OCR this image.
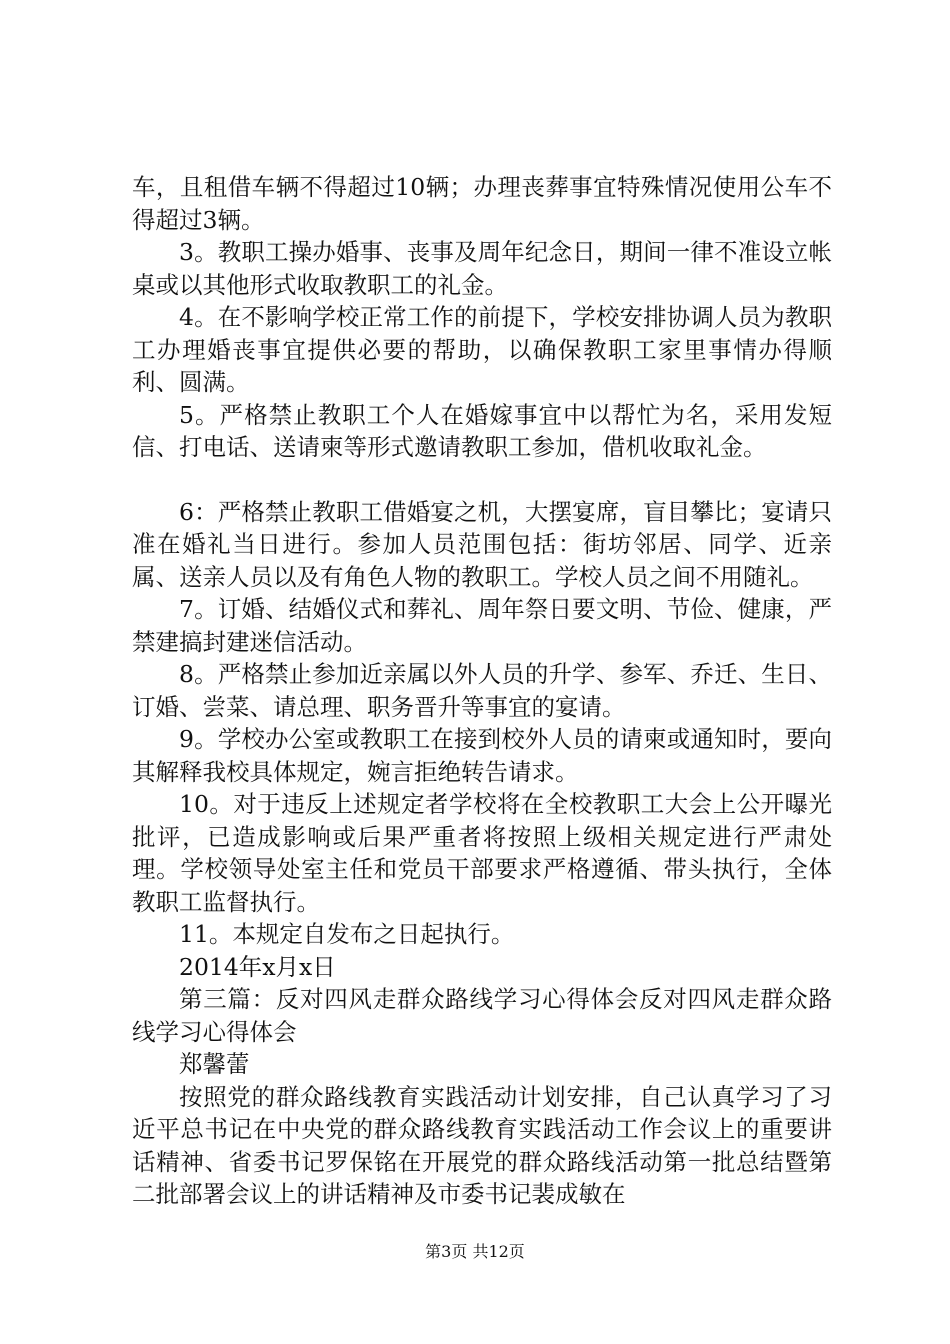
车，且租借车辆不得超过10辆；办理丧葬事宜特殊情况使用公车不得超过3辆。

3。教职工操办婚事、丧事及周年纪念日，期间一律不准设立帐桌或以其他形式收取教职工的礼金。

4。在不影响学校正常工作的前提下，学校安排协调人员为教职工办理婚丧事宜提供必要的帮助，以确保教职工家里事情办得顺利、圆满。

5。严格禁止教职工个人在婚嫁事宜中以帮忙为名，采用发短信、打电话、送请柬等形式邀请教职工参加，借机收取礼金。

6：严格禁止教职工借婚宴之机，大摆宴席，盲目攀比；宴请只准在婚礼当日进行。参加人员范围包括：街坊邻居、同学、近亲属、送亲人员以及有角色人物的教职工。学校人员之间不用随礼。

7。订婚、结婚仪式和葬礼、周年祭日要文明、节俭、健康，严禁建搞封建迷信活动。

8。严格禁止参加近亲属以外人员的升学、参军、乔迁、生日、订婚、尝菜、请总理、职务晋升等事宜的宴请。

9。学校办公室或教职工在接到校外人员的请柬或通知时，要向其解释我校具体规定，婉言拒绝转告请求。

10。对于违反上述规定者学校将在全校教职工大会上公开曝光批评，已造成影响或后果严重者将按照上级相关规定进行严肃处理。学校领导处室主任和党员干部要求严格遵循、带头执行，全体教职工监督执行。

11。本规定自发布之日起执行。

2014年x月x日

第三篇：反对四风走群众路线学习心得体会反对四风走群众路线学习心得体会

郑馨蕾

按照党的群众路线教育实践活动计划安排，自己认真学习了习近平总书记在中央党的群众路线教育实践活动工作会议上的重要讲话精神、省委书记罗保铭在开展党的群众路线活动第一批总结暨第二批部署会议上的讲话精神及市委书记裴成敏在

第3页 共12页
